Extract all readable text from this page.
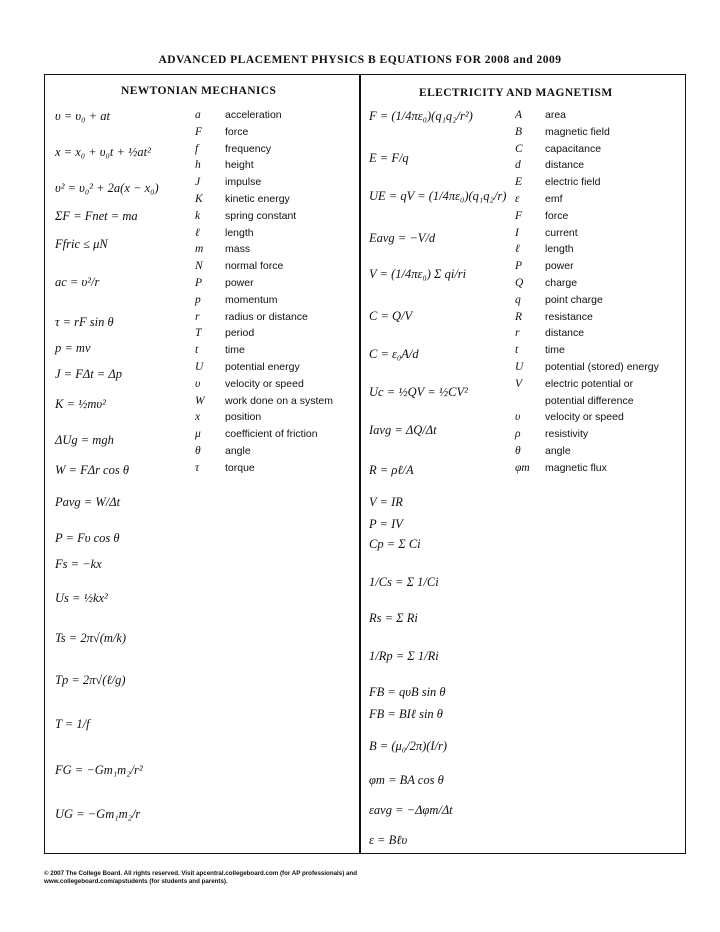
ADVANCED PLACEMENT PHYSICS B EQUATIONS FOR 2008 and 2009
NEWTONIAN MECHANICS	ELECTRICITY AND MAGNETISM
υ = υ₀ + at
x = x₀ + υ₀t + ½at²
υ² = υ₀² + 2a(x − x₀)
ΣF = Fnet = ma
Ffric ≤ μN
ac = υ²/r
τ = rF sin θ
p = mv
J = FΔt = Δp
K = ½mυ²
ΔUg = mgh
W = FΔr cos θ
Pavg = W/Δt
P = Fυ cos θ
Fs = −kx
Us = ½kx²
Ts = 2π√(m/k)
Tp = 2π√(ℓ/g)
T = 1/f
FG = −Gm₁m₂/r²
UG = −Gm₁m₂/r
a acceleration
F force
f	frequency
h height
J impulse
K kinetic energy
k spring constant
ℓ length
m mass
N normal force
P power
p momentum
r radius or distance
T period
t	time
U potential energy
υ velocity or speed
W work done on a system
x position
μ coefficient of friction
θ angle
τ torque
F = (1/4πε₀)(q₁q₂/r²)
E = F/q
UE = qV = (1/4πε₀)(q₁q₂/r)
Eavg = −V/d
V = (1/4πε₀) Σ qi/ri
C = Q/V
C = ε₀A/d
Uc = ½QV = ½CV²
Iavg = ΔQ/Δt
R = ρℓ/A
V = IR
P = IV
Cp = Σ Ci
1/Cs = Σ 1/Ci
Rs = Σ Ri
1/Rp = Σ 1/Ri
FB = qυB sin θ
FB = BIℓ sin θ
B = (μ₀/2π)(I/r)
φm = BA cos θ
εavg = −Δφm/Δt
ε = Bℓυ
A area
B magnetic field
C capacitance
d distance
E electric field
ε emf
F force
I current
ℓ length
P power
Q charge
q point charge
R resistance
r distance
t	time
U potential (stored) energy
V electric potential or
potential difference
υ velocity or speed
ρ resistivity
θ angle
φm magnetic flux
© 2007 The College Board. All rights reserved. Visit apcentral.collegeboard.com (for AP professionals) and
www.collegeboard.com/apstudents (for students and parents).
